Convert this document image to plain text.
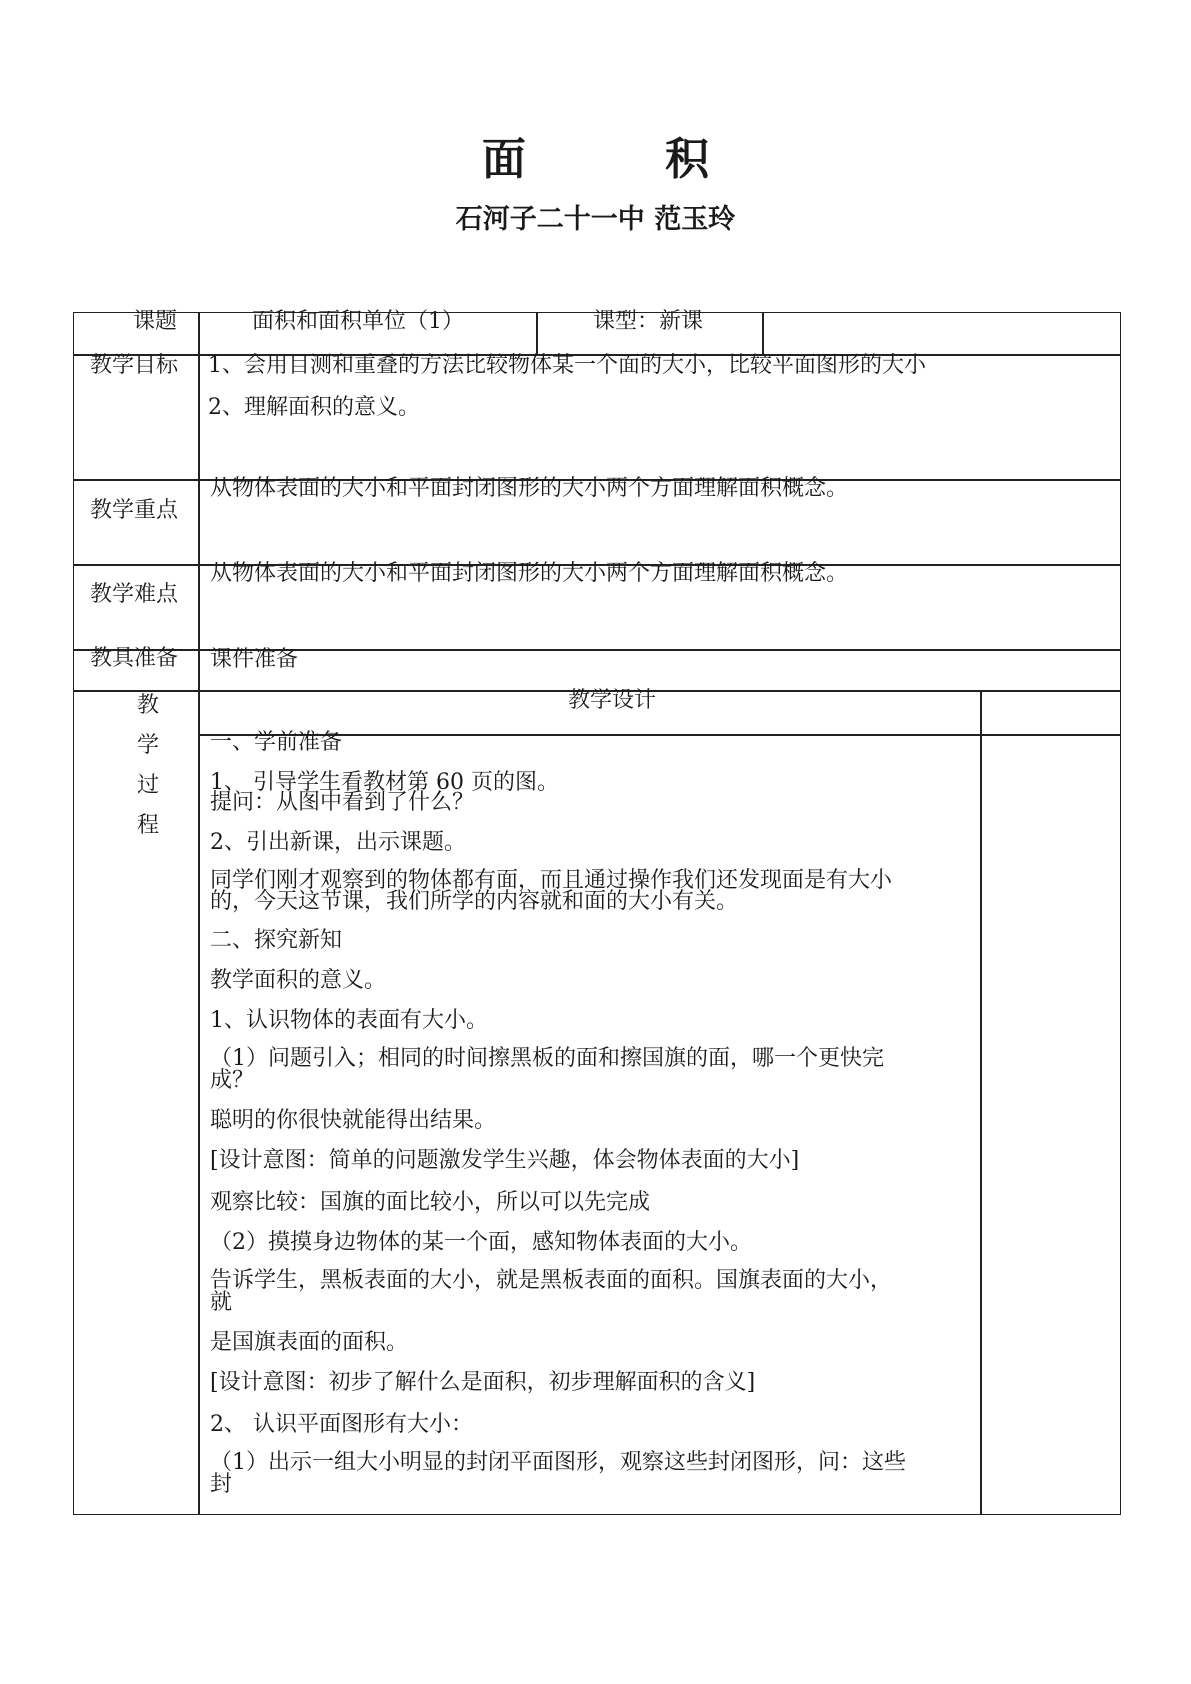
面 积
石河子二十一中 范玉玲
课题	面积和面积单位（1）	课型：新课
教学目标 1、会用目测和重叠的方法比较物体某一个面的大小，比较平面图形的大小
2、理解面积的意义。
教学重点
从物体表面的大小和平面封闭图形的大小两个方面理解面积概念。
教学难点
从物体表面的大小和平面封闭图形的大小两个方面理解面积概念。
教具准备 课件准备
教
学
过
程
教学设计
一、学前准备
1、 引导学生看教材第 60 页的图。
提问：从图中看到了什么？
2、引出新课，出示课题。
同学们刚才观察到的物体都有面，而且通过操作我们还发现面是有大小
的，今天这节课，我们所学的内容就和面的大小有关。
二、探究新知
教学面积的意义。
1、认识物体的表面有大小。
（1）问题引入；相同的时间擦黑板的面和擦国旗的面，哪一个更快完
成？
聪明的你很快就能得出结果。
[设计意图：简单的问题激发学生兴趣，体会物体表面的大小]
观察比较：国旗的面比较小，所以可以先完成
（2）摸摸身边物体的某一个面，感知物体表面的大小。
告诉学生，黑板表面的大小，就是黑板表面的面积。国旗表面的大小，
就
是国旗表面的面积。
[设计意图：初步了解什么是面积，初步理解面积的含义]
2、 认识平面图形有大小：
（1）出示一组大小明显的封闭平面图形，观察这些封闭图形，问：这些
封
